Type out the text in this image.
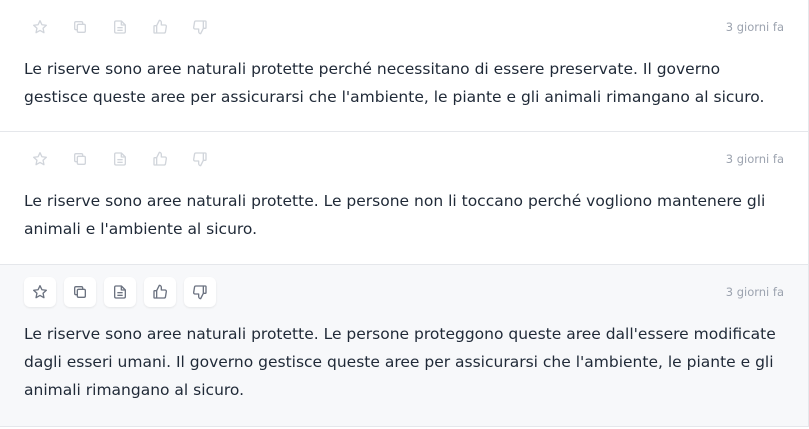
3 giorni fa
Le riserve sono aree naturali protette perché necessitano di essere preservate. Il governo gestisce queste aree per assicurarsi che l'ambiente, le piante e gli animali rimangano al sicuro.
3 giorni fa
Le riserve sono aree naturali protette. Le persone non li toccano perché vogliono mantenere gli animali e l'ambiente al sicuro.
3 giorni fa
Le riserve sono aree naturali protette. Le persone proteggono queste aree dall'essere modificate dagli esseri umani. Il governo gestisce queste aree per assicurarsi che l'ambiente, le piante e gli animali rimangano al sicuro.
